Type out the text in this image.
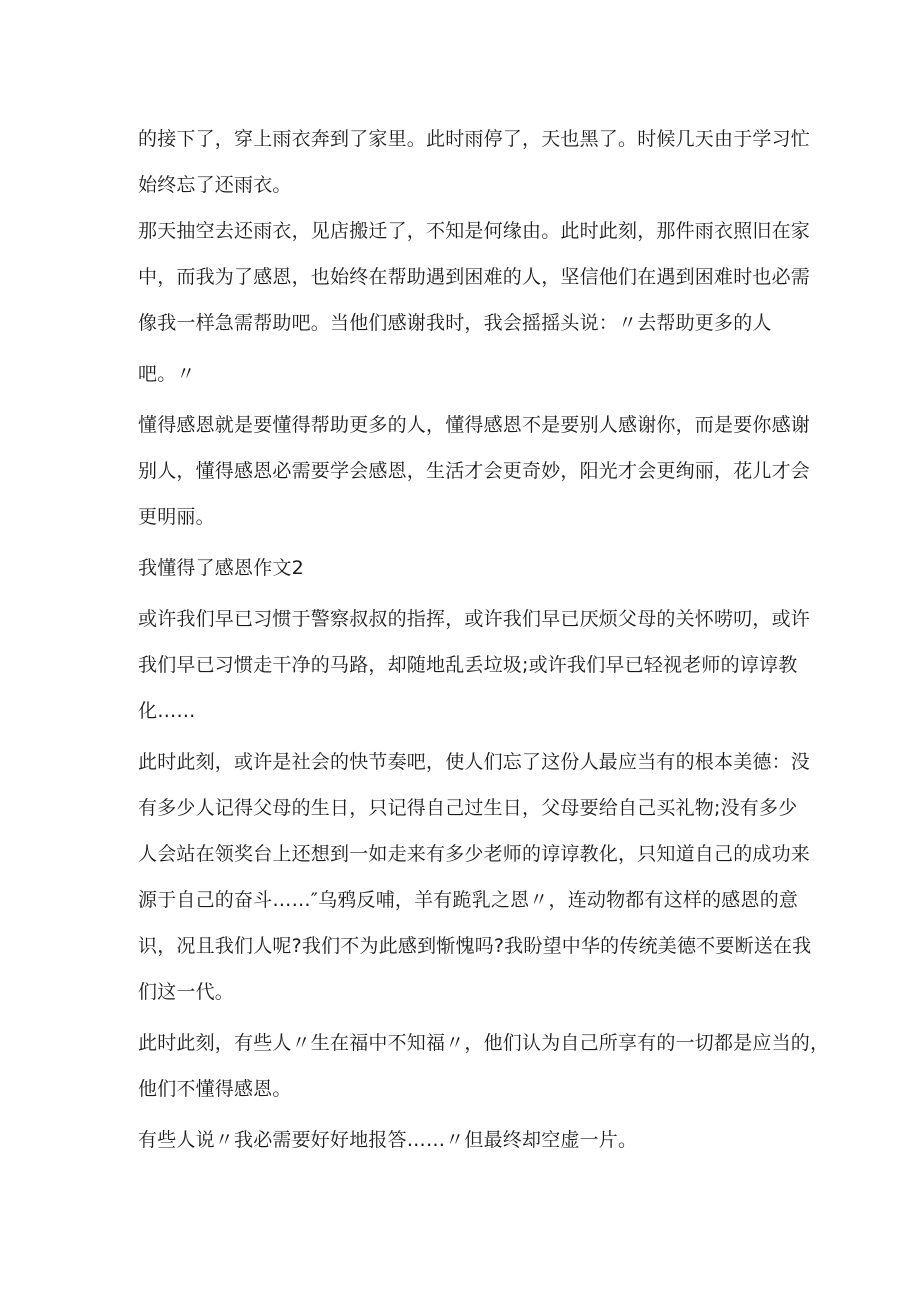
的接下了，穿上雨衣奔到了家里。此时雨停了，天也黑了。时候几天由于学习忙
始终忘了还雨衣。
那天抽空去还雨衣，见店搬迁了，不知是何缘由。此时此刻，那件雨衣照旧在家
中，而我为了感恩，也始终在帮助遇到困难的人，坚信他们在遇到困难时也必需
像我一样急需帮助吧。当他们感谢我时，我会摇摇头说：〃去帮助更多的人
吧。〃
懂得感恩就是要懂得帮助更多的人，懂得感恩不是要别人感谢你，而是要你感谢
别人，懂得感恩必需要学会感恩，生活才会更奇妙，阳光才会更绚丽，花儿才会
更明丽。
我懂得了感恩作文2
或许我们早已习惯于警察叔叔的指挥，或许我们早已厌烦父母的关怀唠叨，或许
我们早已习惯走干净的马路，却随地乱丢垃圾;或许我们早已轻视老师的谆谆教
化……
此时此刻，或许是社会的快节奏吧，使人们忘了这份人最应当有的根本美德：没
有多少人记得父母的生日，只记得自己过生日，父母要给自己买礼物;没有多少
人会站在领奖台上还想到一如走来有多少老师的谆谆教化，只知道自己的成功来
源于自己的奋斗……″乌鸦反哺，羊有跪乳之恩〃，连动物都有这样的感恩的意
识，况且我们人呢?我们不为此感到惭愧吗?我盼望中华的传统美德不要断送在我
们这一代。
此时此刻，有些人〃生在福中不知福〃，他们认为自己所享有的一切都是应当的，
他们不懂得感恩。
有些人说〃我必需要好好地报答……〃但最终却空虚一片。
